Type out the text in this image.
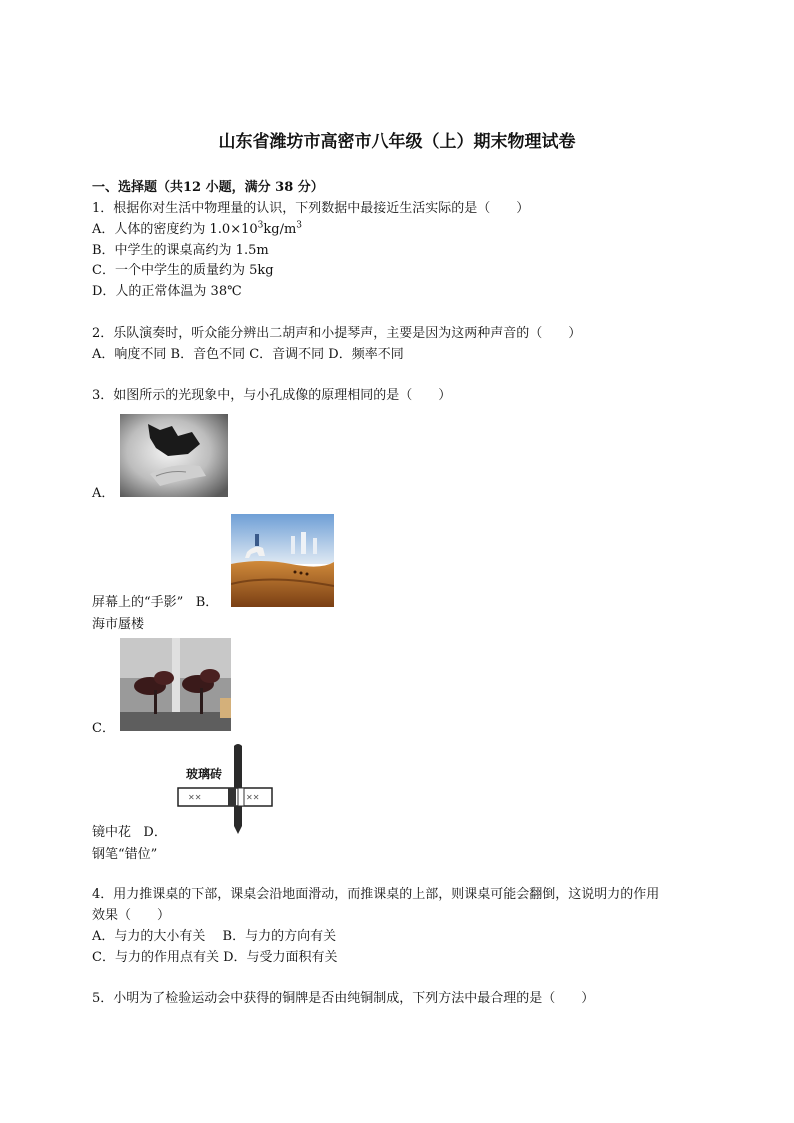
山东省潍坊市高密市八年级（上）期末物理试卷
一、选择题（共12 小题，满分 38 分）
1．根据你对生活中物理量的认识，下列数据中最接近生活实际的是（　　）
A．人体的密度约为 $1.0\times 10^3kg/m^3$
B．中学生的课桌高约为 1.5m
C．一个中学生的质量约为 5kg
D．人的正常体温为 38℃
2．乐队演奏时，听众能分辨出二胡声和小提琴声，主要是因为这两种声音的（　　）
A．响度不同 B．音色不同 C．音调不同 D．频率不同
3．如图所示的光现象中，与小孔成像的原理相同的是（　　）
A．
屏幕上的“手影” B．
海市蜃楼
C．
✕✕	✕✕
玻璃砖
镜中花 D．
钢笔“错位”
4．用力推课桌的下部，课桌会沿地面滑动，而推课桌的上部，则课桌可能会翻倒，这说明力的作用
效果（　　）
A．与力的大小有关　 B．与力的方向有关
C．与力的作用点有关 D．与受力面积有关
5．小明为了检验运动会中获得的铜牌是否由纯铜制成，下列方法中最合理的是（　　）
